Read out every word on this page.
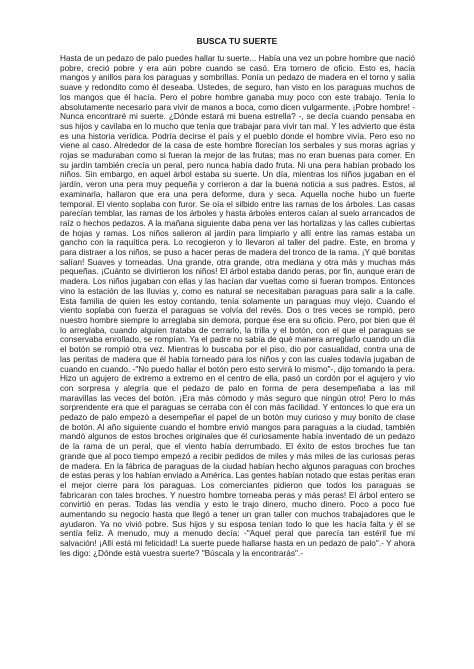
BUSCA TU SUERTE

Hasta de un pedazo de palo puedes hallar tu suerte... Había una vez un pobre hombre que nació pobre, creció pobre y era aún pobre cuando se casó. Era tornero de oficio. Esto es, hacía mangos y anillos para los paraguas y sombrillas. Ponía un pedazo de madera en el torno y salía suave y redondito como él deseaba. Ustedes, de seguro, han visto en los paraguas muchos de los mangos que él hacía. Pero el pobre hombre ganaba muy poco con este trabajo. Tenía lo absolutamente necesario para vivir de manos a boca, como dicen vulgarmente. ¡Pobre hombre! -Nunca encontraré mi suerte. ¿Dónde estará mi buena estrella? -, se decía cuando pensaba en sus hijos y cavilaba en lo mucho que tenía que trabajar para vivir tan mal. Y les advierto que ésta es una historia verídica. Podría decirse el país y el pueblo donde el hombre vivía. Pero eso no viene al caso. Alrededor de la casa de este hombre florecían los serbales y sus moras agrias y rojas se maduraban como si fueran la mejor de las frutas; mas no eran buenas para comer. En su jardín también crecía un peral, pero nunca había dado fruta. Ni una pera habían probado los niños. Sin embargo, en aquel árbol estaba su suerte. Un día, mientras los niños jugaban en el jardín, veron una pera muy pequeña y corrieron a dar la buena noticia a sus padres. Estos, al examinarla, hallaron que era una pera deforme, dura y seca. Aquella noche hubo un fuerte temporal. El viento soplaba con furor. Se oía el silbido entre las ramas de los árboles. Las casas parecían temblar, las ramas de los árboles y hasta árboles enteros caían al suelo arrancados de raíz o hechos pedazos. A la mañana siguiente daba pena ver las hortalizas y las calles cubiertas de hojas y ramas. Los niños salieron al jardín para limpiarlo y allí entre las ramas estaba un gancho con la raquítica pera. Lo recogieron y lo llevaron al taller del padre. Este, en broma y para distraer a los niños, se puso a hacer peras de madera del tronco de la rama. ¡Y qué bonitas salían! Suaves y torneadas. Una grande, otra grande, otra mediana y otra más y muchas más pequeñas. ¡Cuánto se divirtieron los niños! El árbol estaba dando peras, por fin, aunque eran de madera. Los niños jugaban con ellas y las hacían dar vueltas como si fueran trompos. Entonces vino la estación de las lluvias y, como es natural se necesitaban paraguas para salir a la calle. Esta familia de quien les estoy contando, tenía solamente un paraguas muy viejo. Cuando el viento soplaba con fuerza el paraguas se volvía del revés. Dos o tres veces se rompió, pero nuestro hombre siempre lo arreglaba sin demora, porque ése era su oficio. Pero, por bien que él lo arreglaba, cuando alguien trataba de cerrarlo, la trilla y el botón, con el que el paraguas se conservaba enrollado, se rompían. Ya el padre no sabía de qué manera arreglarlo cuando un día el botón se rompió otra vez. Mientras lo buscaba por el piso, dio por casualidad, contra una de las peritas de madera que él había torneado para los niños y con las cuales todavía jugaban de cuando en cuando. -"No puedo hallar el botón pero esto servirá lo mismo"-, dijo tomando la pera. Hizo un agujero de extremo a extremo en el centro de ella, pasó un cordón por el agujero y vio con sorpresa y alegría que el pedazo de palo en forma de pera desempeñaba a las mil maravillas las veces del botón. ¡Era más cómodo y más seguro que ningún otro! Pero lo más sorprendente era que el paraguas se cerraba con él con más facilidad. Y entonces lo que era un pedazo de palo empezó a desempeñar el papel de un botón muy curioso y muy bonito de clase de botón. Al año siguiente cuando el hombre envió mangos para paraguas a la ciudad, también mandó algunos de estos broches originales que él curiosamente había inventado de un pedazo de la rama de un peral, que el viento había derrumbado. El éxito de estos broches fue tan grande que al poco tiempo empezó a recibir pedidos de miles y más miles de las curiosas peras de madera. En la fábrica de paraguas de la ciudad habían hecho algunos paraguas con broches de estas peras y los habían enviado a América. Las gentes habían notado que estas peritas eran el mejor cierre para los paraguas. Los comerciantes pidieron que todos los paraguas se fabricaran con tales broches. Y nuestro hombre torneaba peras y más peras! El árbol entero se convirtió en peras. Todas las vendía y esto le trajo dinero, mucho dinero. Poco a poco fue aumentando su negocio hasta que llegó a tener un gran taller con muchos trabajadores que le ayudaron. Ya no vivió pobre. Sus hijos y su esposa tenían todo lo que les hacía falta y él se sentía feliz. A menudo, muy a menudo decía: -"Aquel peral que parecía tan estéril fue mi salvación! ¡Allí está mi felicidad! La suerte puede hallarse hasta en un pedazo de palo".- Y ahora les digo: ¿Dónde está vuestra suerte? "Búscala y la encontrarás".-
